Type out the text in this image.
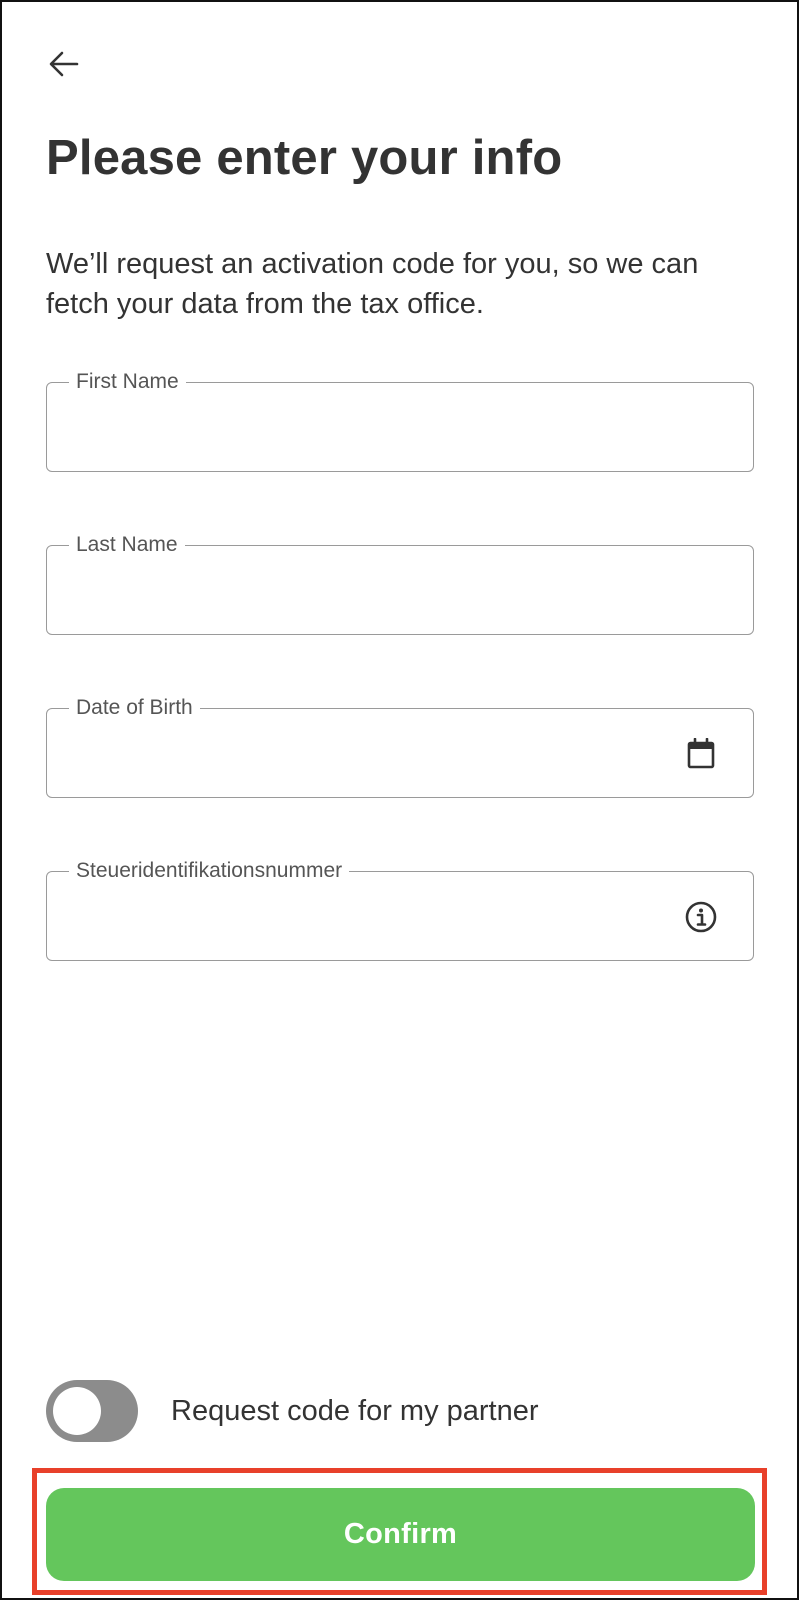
Please enter your info

We’ll request an activation code for you, so we can fetch your data from the tax office.

First Name
Last Name
Date of Birth
Steueridentifikationsnummer
Request code for my partner
Confirm
